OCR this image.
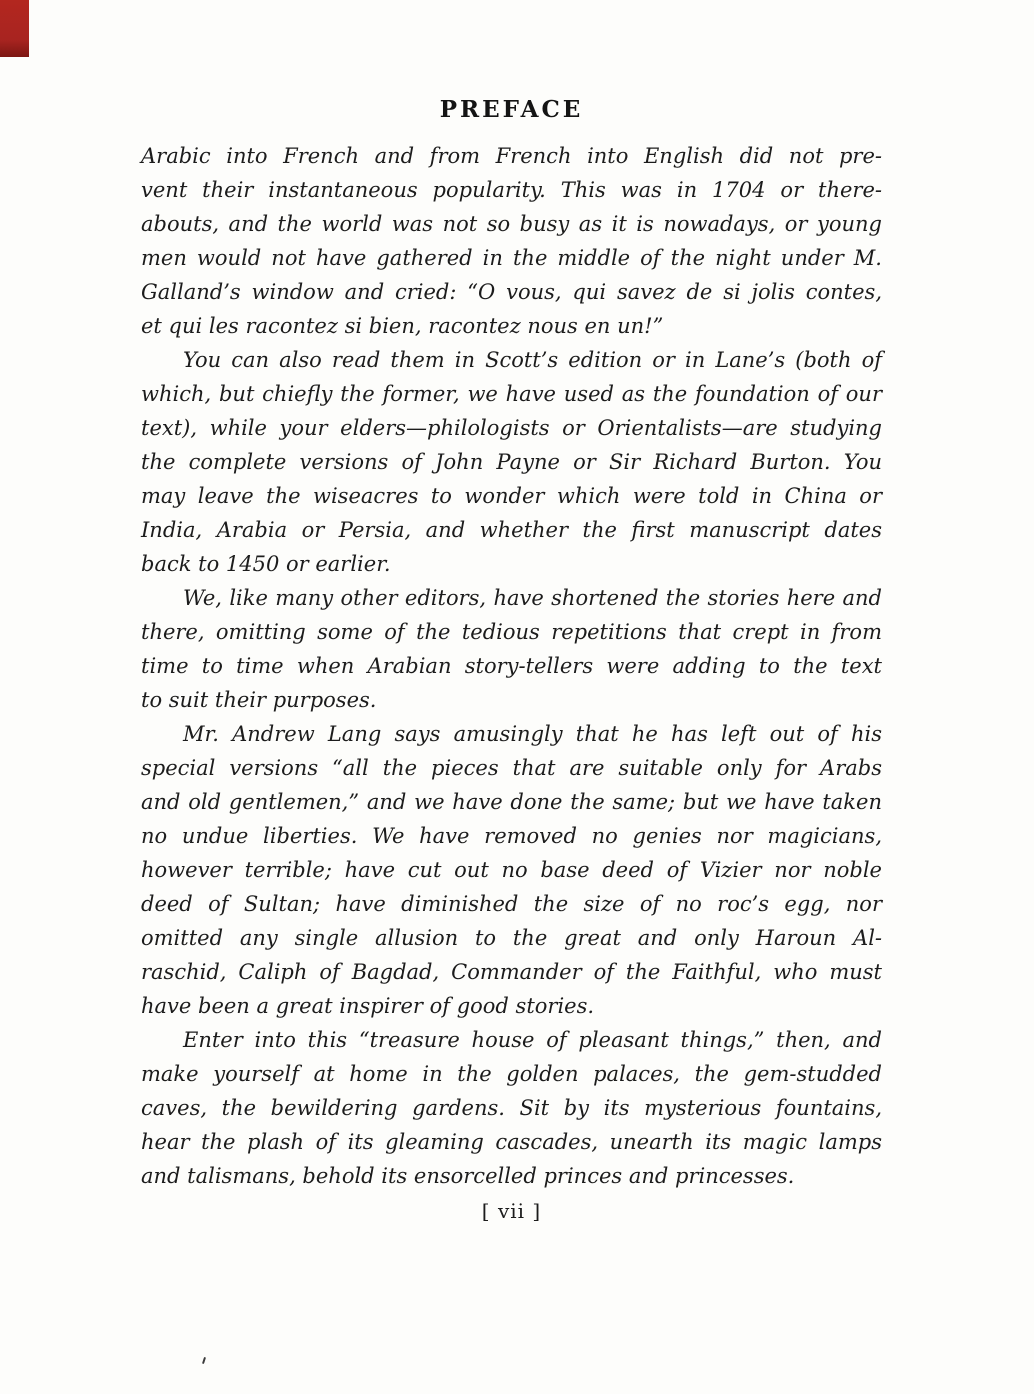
PREFACE
Arabic into French and from French into English did not pre-
vent their instantaneous popularity. This was in 1704 or there-
abouts, and the world was not so busy as it is nowadays, or young
men would not have gathered in the middle of the night under M.
Galland’s window and cried: “O vous, qui savez de si jolis contes,
et qui les racontez si bien, racontez nous en un!”
You can also read them in Scott’s edition or in Lane’s (both of
which, but chiefly the former, we have used as the foundation of our
text), while your elders—philologists or Orientalists—are studying
the complete versions of John Payne or Sir Richard Burton. You
may leave the wiseacres to wonder which were told in China or
India, Arabia or Persia, and whether the first manuscript dates
back to 1450 or earlier.
We, like many other editors, have shortened the stories here and
there, omitting some of the tedious repetitions that crept in from
time to time when Arabian story-tellers were adding to the text
to suit their purposes.
Mr. Andrew Lang says amusingly that he has left out of his
special versions “all the pieces that are suitable only for Arabs
and old gentlemen,” and we have done the same; but we have taken
no undue liberties. We have removed no genies nor magicians,
however terrible; have cut out no base deed of Vizier nor noble
deed of Sultan; have diminished the size of no roc’s egg, nor
omitted any single allusion to the great and only Haroun Al-
raschid, Caliph of Bagdad, Commander of the Faithful, who must
have been a great inspirer of good stories.
Enter into this “treasure house of pleasant things,” then, and
make yourself at home in the golden palaces, the gem-studded
caves, the bewildering gardens. Sit by its mysterious fountains,
hear the plash of its gleaming cascades, unearth its magic lamps
and talismans, behold its ensorcelled princes and princesses.
[ vii ]
